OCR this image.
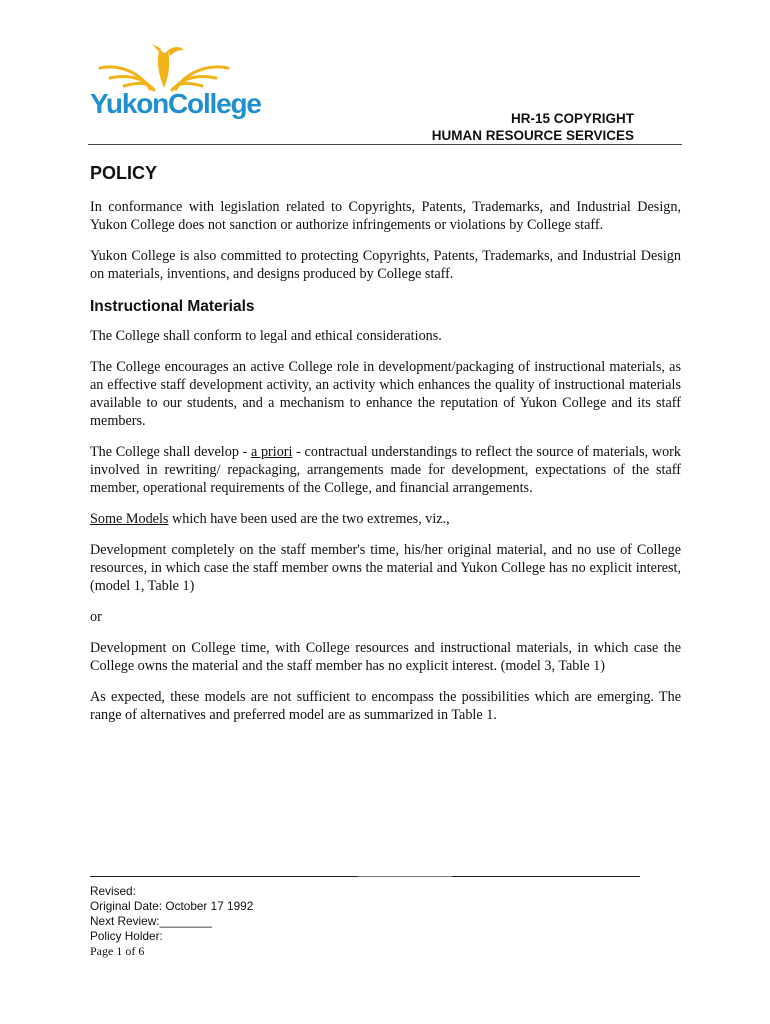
YukonCollege	HR-15 COPYRIGHT
HUMAN RESOURCE SERVICES
POLICY

In conformance with legislation related to Copyrights, Patents, Trademarks, and Industrial Design, Yukon College does not sanction or authorize infringements or violations by College staff.

Yukon College is also committed to protecting Copyrights, Patents, Trademarks, and Industrial Design on materials, inventions, and designs produced by College staff.

Instructional Materials

The College shall conform to legal and ethical considerations.

The College encourages an active College role in development/packaging of instructional materials, as an effective staff development activity, an activity which enhances the quality of instructional materials available to our students, and a mechanism to enhance the reputation of Yukon College and its staff members.

The College shall develop - a priori - contractual understandings to reflect the source of materials, work involved in rewriting/ repackaging, arrangements made for development, expectations of the staff member, operational requirements of the College, and financial arrangements.

Some Models which have been used are the two extremes, viz.,

Development completely on the staff member's time, his/her original material, and no use of College resources, in which case the staff member owns the material and Yukon College has no explicit interest, (model 1, Table 1)

or

Development on College time, with College resources and instructional materials, in which case the College owns the material and the staff member has no explicit interest. (model 3, Table 1)

As expected, these models are not sufficient to encompass the possibilities which are emerging. The range of alternatives and preferred model are as summarized in Table 1.

Revised:
Original Date: October 17 1992
Next Review:________
Policy Holder:
Page 1 of 6
